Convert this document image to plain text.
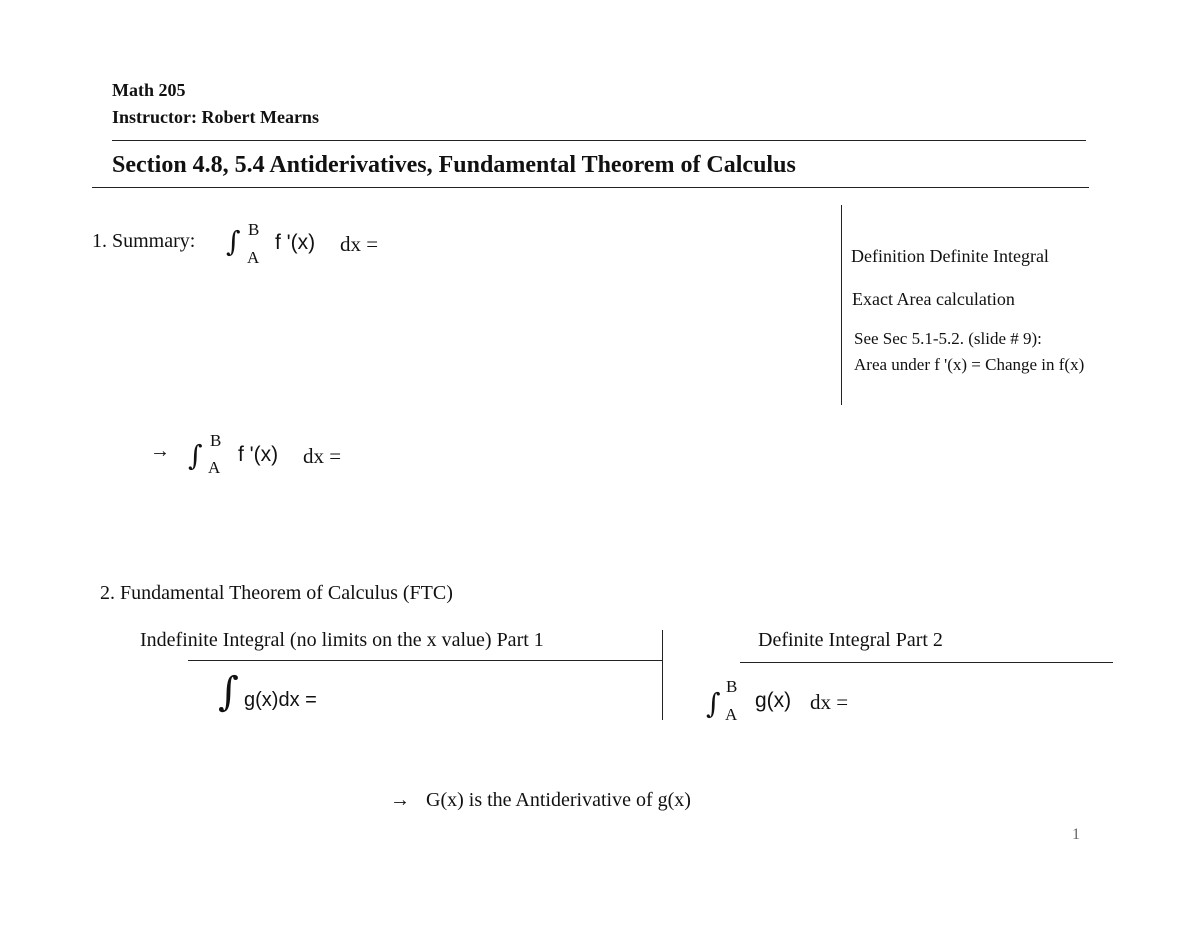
Math 205
Instructor: Robert Mearns
Section 4.8, 5.4 Antiderivatives, Fundamental Theorem of Calculus
1. Summary: ∫ B
A
f '(x) dx =	Definition Definite Integral
Exact Area calculation
See Sec 5.1-5.2. (slide # 9):
Area under f '(x) = Change in f(x)
→ ∫ B
A
f '(x) dx =
2. Fundamental Theorem of Calculus (FTC)
Indefinite Integral (no limits on the x value) Part 1	Definite Integral Part 2
∫ g(x)dx =	∫
B
A
g(x) dx =
→ G(x) is the Antiderivative of g(x)
1
